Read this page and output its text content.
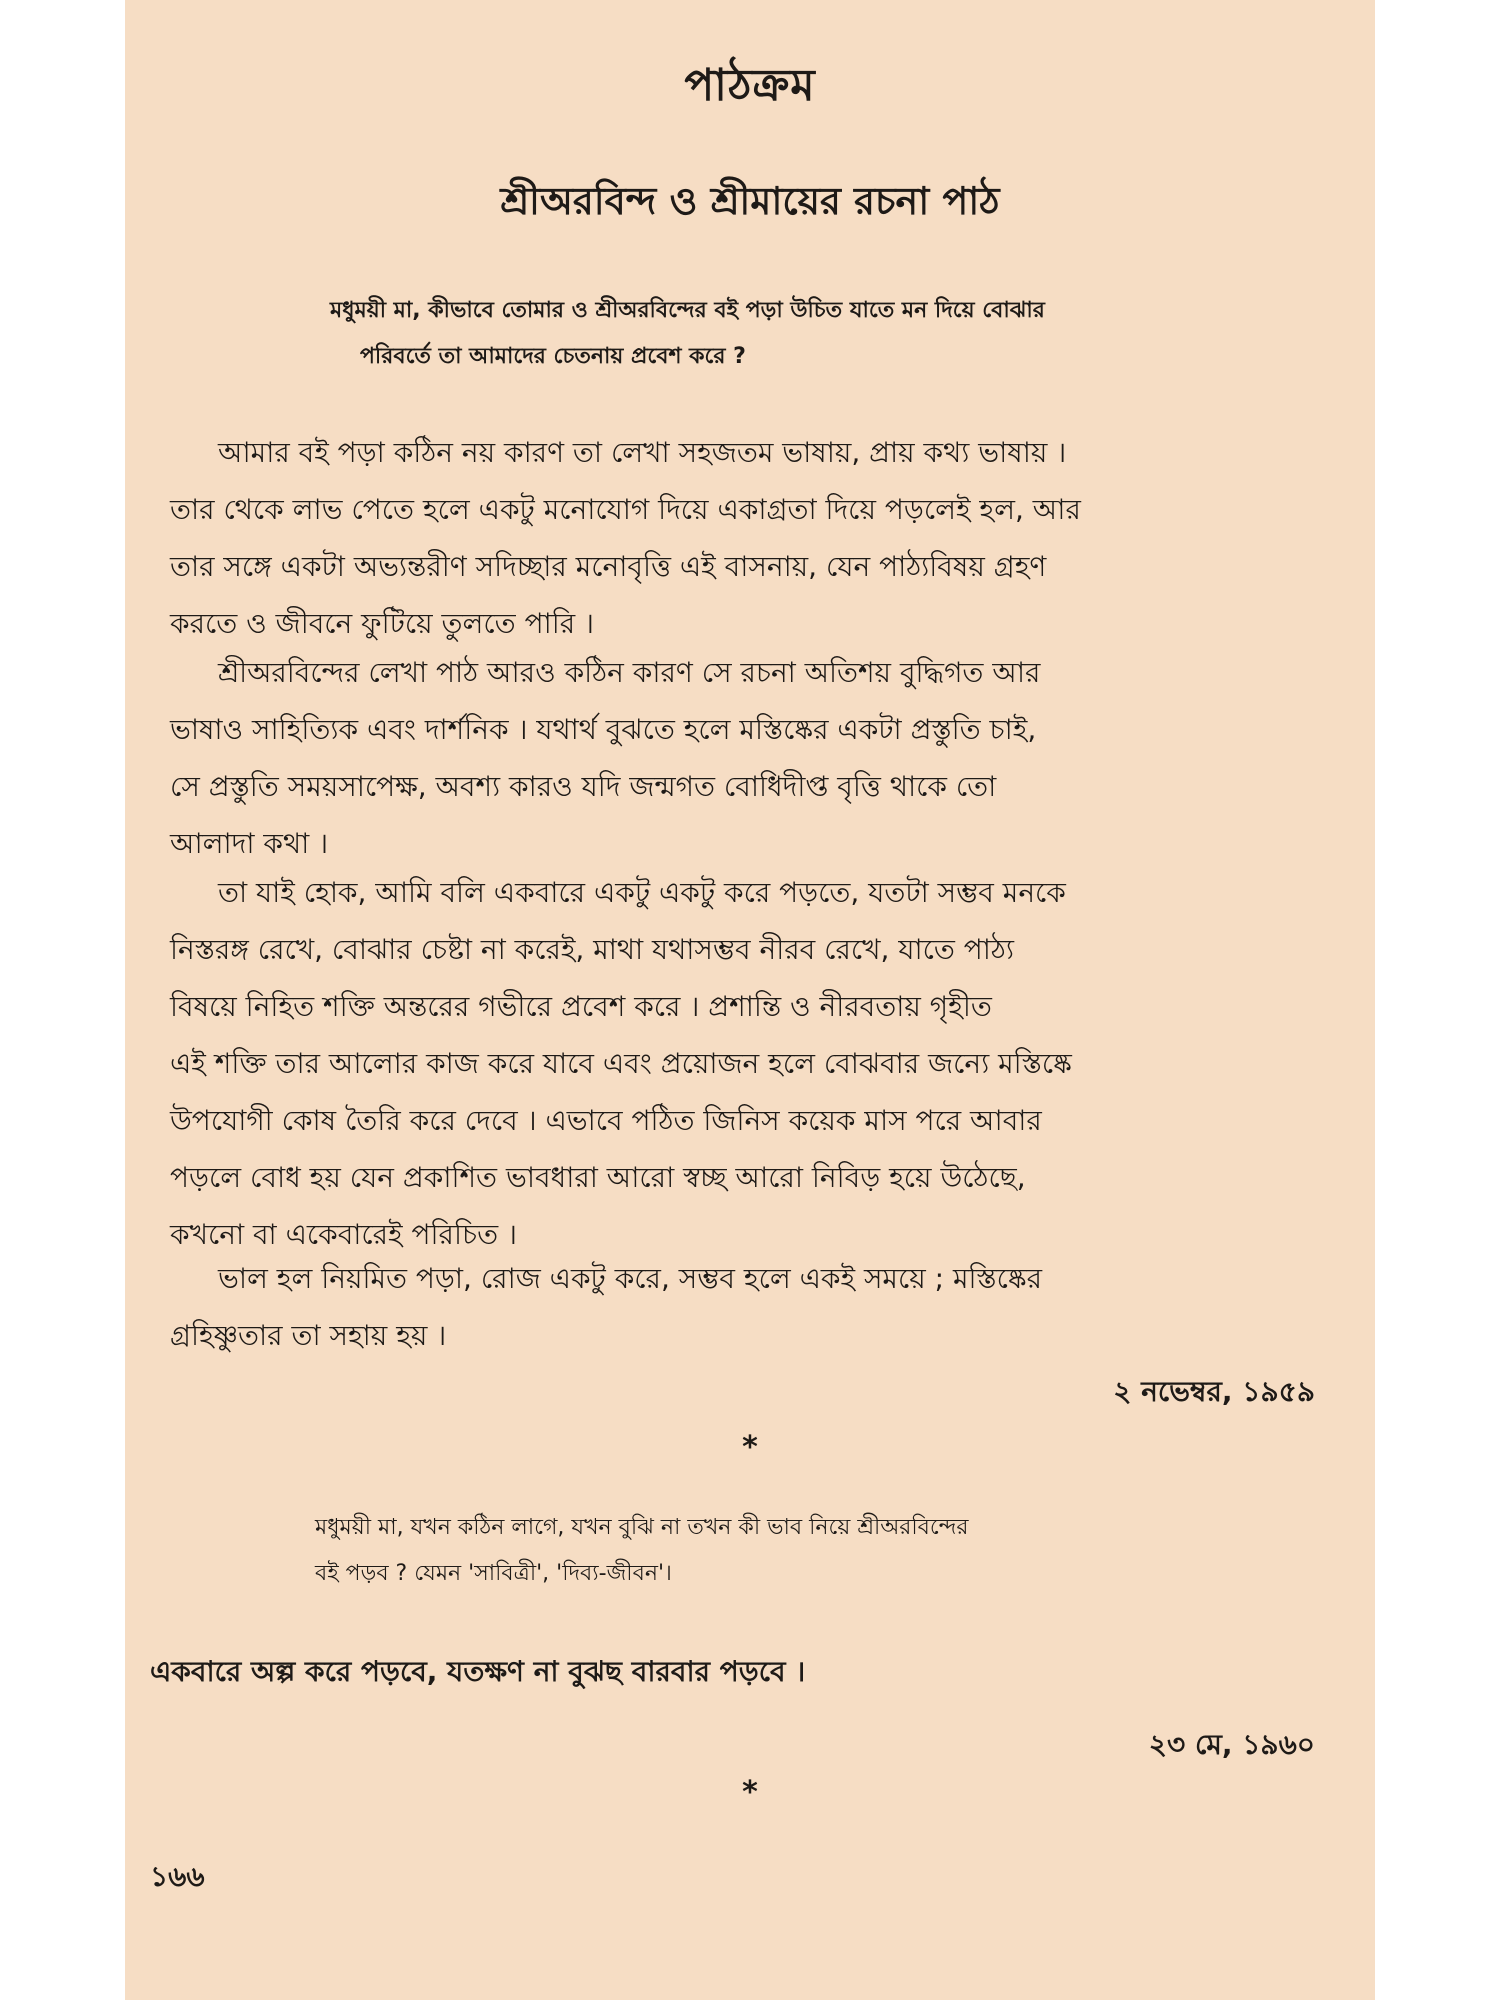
পাঠক্রম
শ্রীঅরবিন্দ ও শ্রীমায়ের রচনা পাঠ
মধুময়ী মা, কীভাবে তোমার ও শ্রীঅরবিন্দের বই পড়া উচিত যাতে মন দিয়ে বোঝার
পরিবর্তে তা আমাদের চেতনায় প্রবেশ করে ?
আমার বই পড়া কঠিন নয় কারণ তা লেখা সহজতম ভাষায়, প্রায় কথ্য ভাষায় ।
তার থেকে লাভ পেতে হলে একটু মনোযোগ দিয়ে একাগ্রতা দিয়ে পড়লেই হল, আর
তার সঙ্গে একটা অভ্যন্তরীণ সদিচ্ছার মনোবৃত্তি এই বাসনায়, যেন পাঠ্যবিষয় গ্রহণ
করতে ও জীবনে ফুটিয়ে তুলতে পারি ।
শ্রীঅরবিন্দের লেখা পাঠ আরও কঠিন কারণ সে রচনা অতিশয় বুদ্ধিগত আর
ভাষাও সাহিত্যিক এবং দার্শনিক । যথার্থ বুঝতে হলে মস্তিষ্কের একটা প্রস্তুতি চাই,
সে প্রস্তুতি সময়সাপেক্ষ, অবশ্য কারও যদি জন্মগত বোধিদীপ্ত বৃত্তি থাকে তো
আলাদা কথা ।
তা যাই হোক, আমি বলি একবারে একটু একটু করে পড়তে, যতটা সম্ভব মনকে
নিস্তরঙ্গ রেখে, বোঝার চেষ্টা না করেই, মাথা যথাসম্ভব নীরব রেখে, যাতে পাঠ্য
বিষয়ে নিহিত শক্তি অন্তরের গভীরে প্রবেশ করে । প্রশান্তি ও নীরবতায় গৃহীত
এই শক্তি তার আলোর কাজ করে যাবে এবং প্রয়োজন হলে বোঝবার জন্যে মস্তিষ্কে
উপযোগী কোষ তৈরি করে দেবে । এভাবে পঠিত জিনিস কয়েক মাস পরে আবার
পড়লে বোধ হয় যেন প্রকাশিত ভাবধারা আরো স্বচ্ছ আরো নিবিড় হয়ে উঠেছে,
কখনো বা একেবারেই পরিচিত ।
ভাল হল নিয়মিত পড়া, রোজ একটু করে, সম্ভব হলে একই সময়ে ; মস্তিষ্কের
গ্রহিষ্ণুতার তা সহায় হয় ।
২ নভেম্বর, ১৯৫৯
*
মধুময়ী মা, যখন কঠিন লাগে, যখন বুঝি না তখন কী ভাব নিয়ে শ্রীঅরবিন্দের
বই পড়ব ? যেমন 'সাবিত্রী', 'দিব্য-জীবন'।
একবারে অল্প করে পড়বে, যতক্ষণ না বুঝছ বারবার পড়বে ।
২৩ মে, ১৯৬০
*
১৬৬
